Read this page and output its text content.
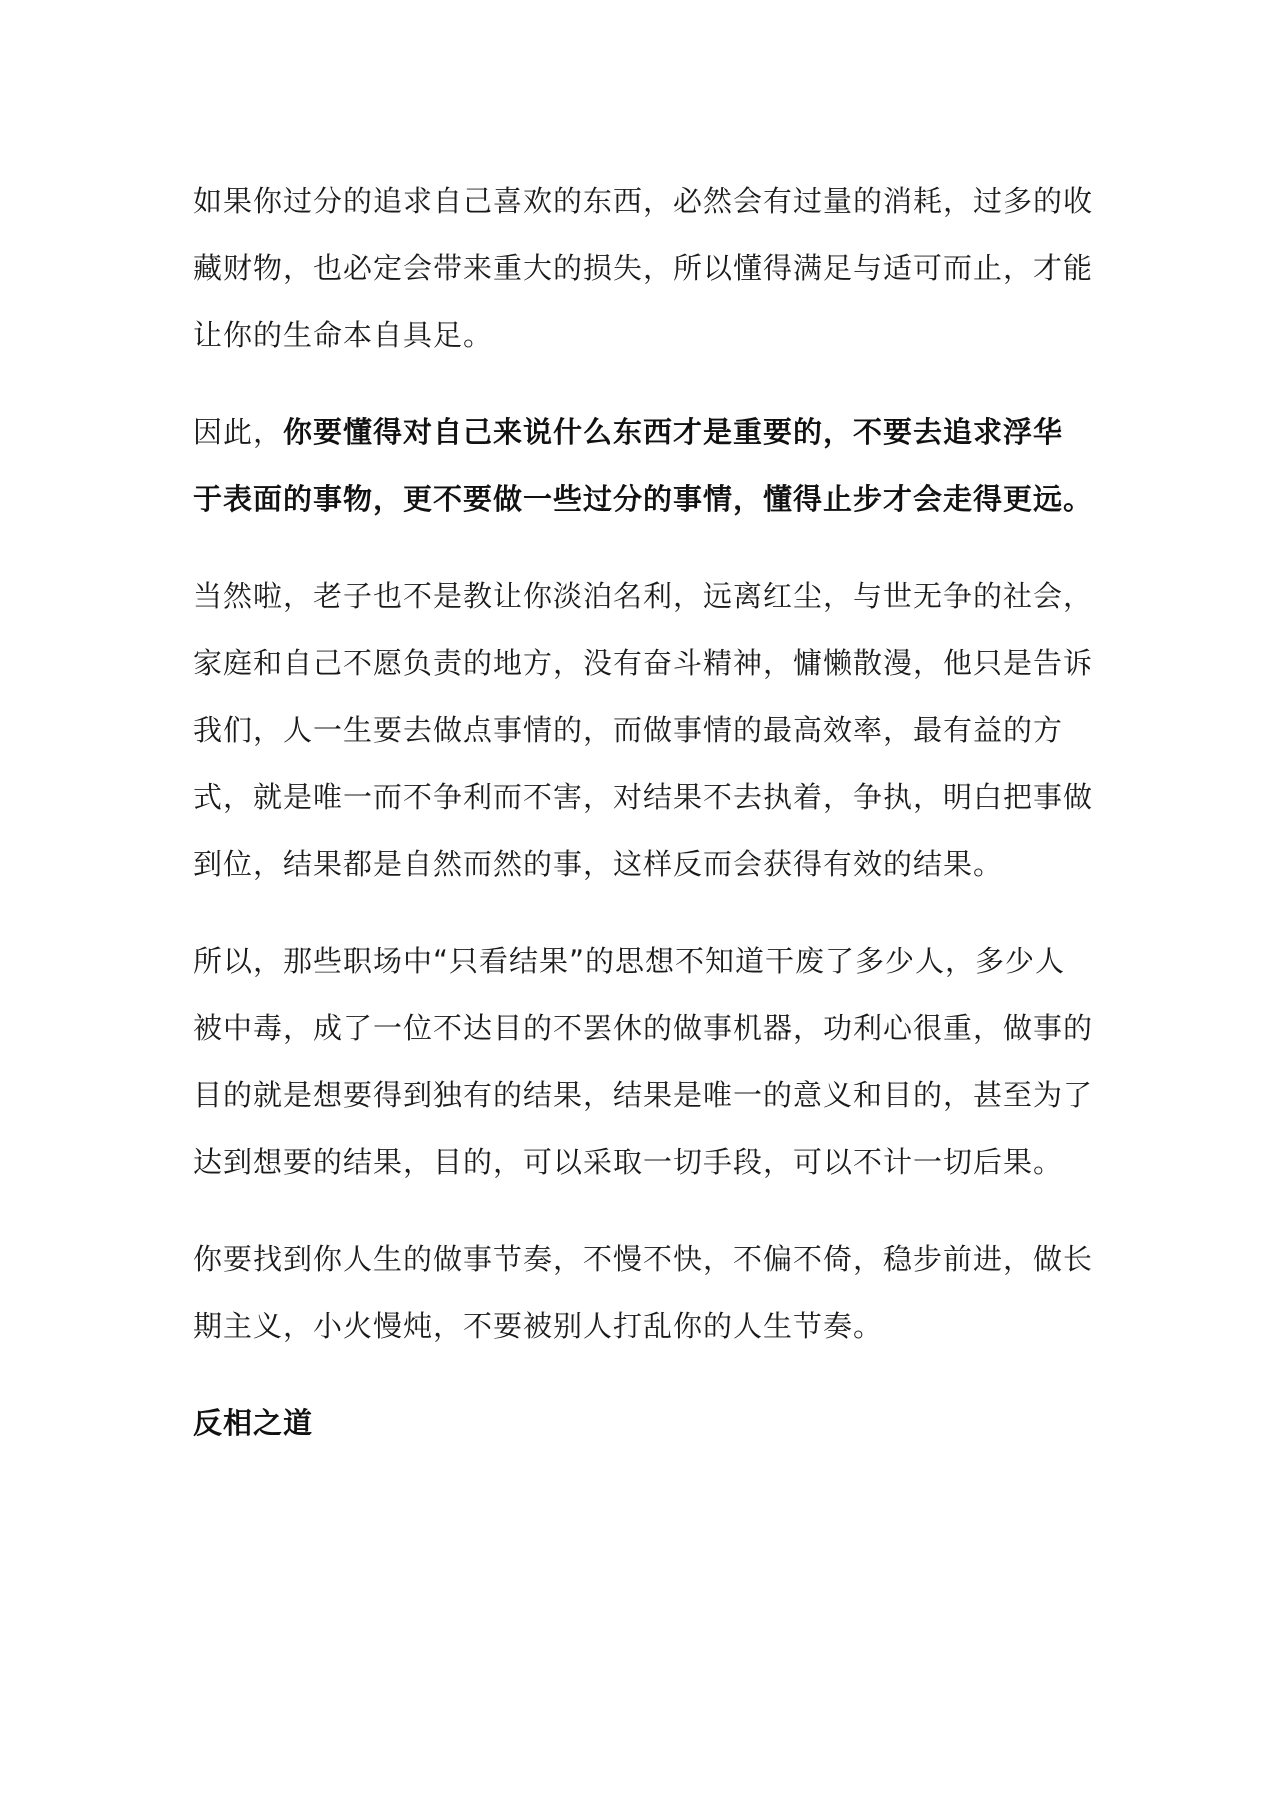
如果你过分的追求自己喜欢的东西，必然会有过量的消耗，过多的收藏财物，也必定会带来重大的损失，所以懂得满足与适可而止，才能让你的生命本自具足。

因此，你要懂得对自己来说什么东西才是重要的，不要去追求浮华于表面的事物，更不要做一些过分的事情，懂得止步才会走得更远。

当然啦，老子也不是教让你淡泊名利，远离红尘，与世无争的社会，家庭和自己不愿负责的地方，没有奋斗精神，慵懒散漫，他只是告诉我们，人一生要去做点事情的，而做事情的最高效率，最有益的方式，就是唯一而不争利而不害，对结果不去执着，争执，明白把事做到位，结果都是自然而然的事，这样反而会获得有效的结果。

所以，那些职场中“只看结果”的思想不知道干废了多少人，多少人被中毒，成了一位不达目的不罢休的做事机器，功利心很重，做事的目的就是想要得到独有的结果，结果是唯一的意义和目的，甚至为了达到想要的结果，目的，可以采取一切手段，可以不计一切后果。

你要找到你人生的做事节奏，不慢不快，不偏不倚，稳步前进，做长期主义，小火慢炖，不要被别人打乱你的人生节奏。

反相之道
